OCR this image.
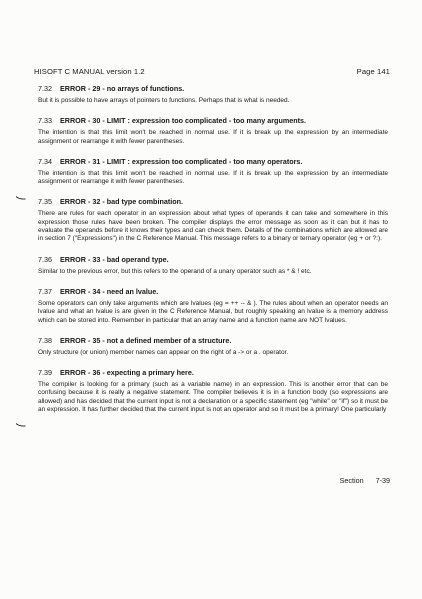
HISOFT C MANUAL version 1.2	Page 141

7.32 ERROR - 29 - no arrays of functions.

But it is possible to have arrays of pointers to functions. Perhaps that is what is needed.

7.33 ERROR - 30 - LIMIT : expression too complicated - too many arguments.

The intention is that this limit won't be reached in normal use. If it is break up the expression by an intermediate assignment or rearrange it with fewer parentheses.

7.34 ERROR - 31 - LIMIT : expression too complicated - too many operators.

The intention is that this limit won't be reached in normal use. If it is break up the expression by an intermediate assignment or rearrange it with fewer parentheses.

7.35 ERROR - 32 - bad type combination.

There are rules for each operator in an expression about what types of operands it can take and somewhere in this expression those rules have been broken. The compiler displays the error message as soon as it can but it has to evaluate the operands before it knows their types and can check them. Details of the combinations which are allowed are in section 7 ("Expressions") in the C Reference Manual. This message refers to a binary or ternary operator (eg + or ?:).

7.36 ERROR - 33 - bad operand type.

Similar to the previous error, but this refers to the operand of a unary operator such as * & ! etc.

7.37 ERROR - 34 - need an lvalue.

Some operators can only take arguments which are lvalues (eg = ++ -- & ). The rules about when an operator needs an lvalue and what an lvalue is are given in the C Reference Manual, but roughly speaking an lvalue is a memory address which can be stored into. Remember in particular that an array name and a function name are NOT lvalues.

7.38 ERROR - 35 - not a defined member of a structure.

Only structure (or union) member names can appear on the right of a -> or a . operator.

7.39 ERROR - 36 - expecting a primary here.

The compiler is looking for a primary (such as a variable name) in an expression. This is another error that can be confusing because it is really a negative statement. The compiler believes it is in a function body (so expressions are allowed) and has decided that the current input is not a declaration or a specific statement (eg "while" or "if") so it must be an expression. It has further decided that the current input is not an operator and so it must be a primary! One particularly

Section 7-39
